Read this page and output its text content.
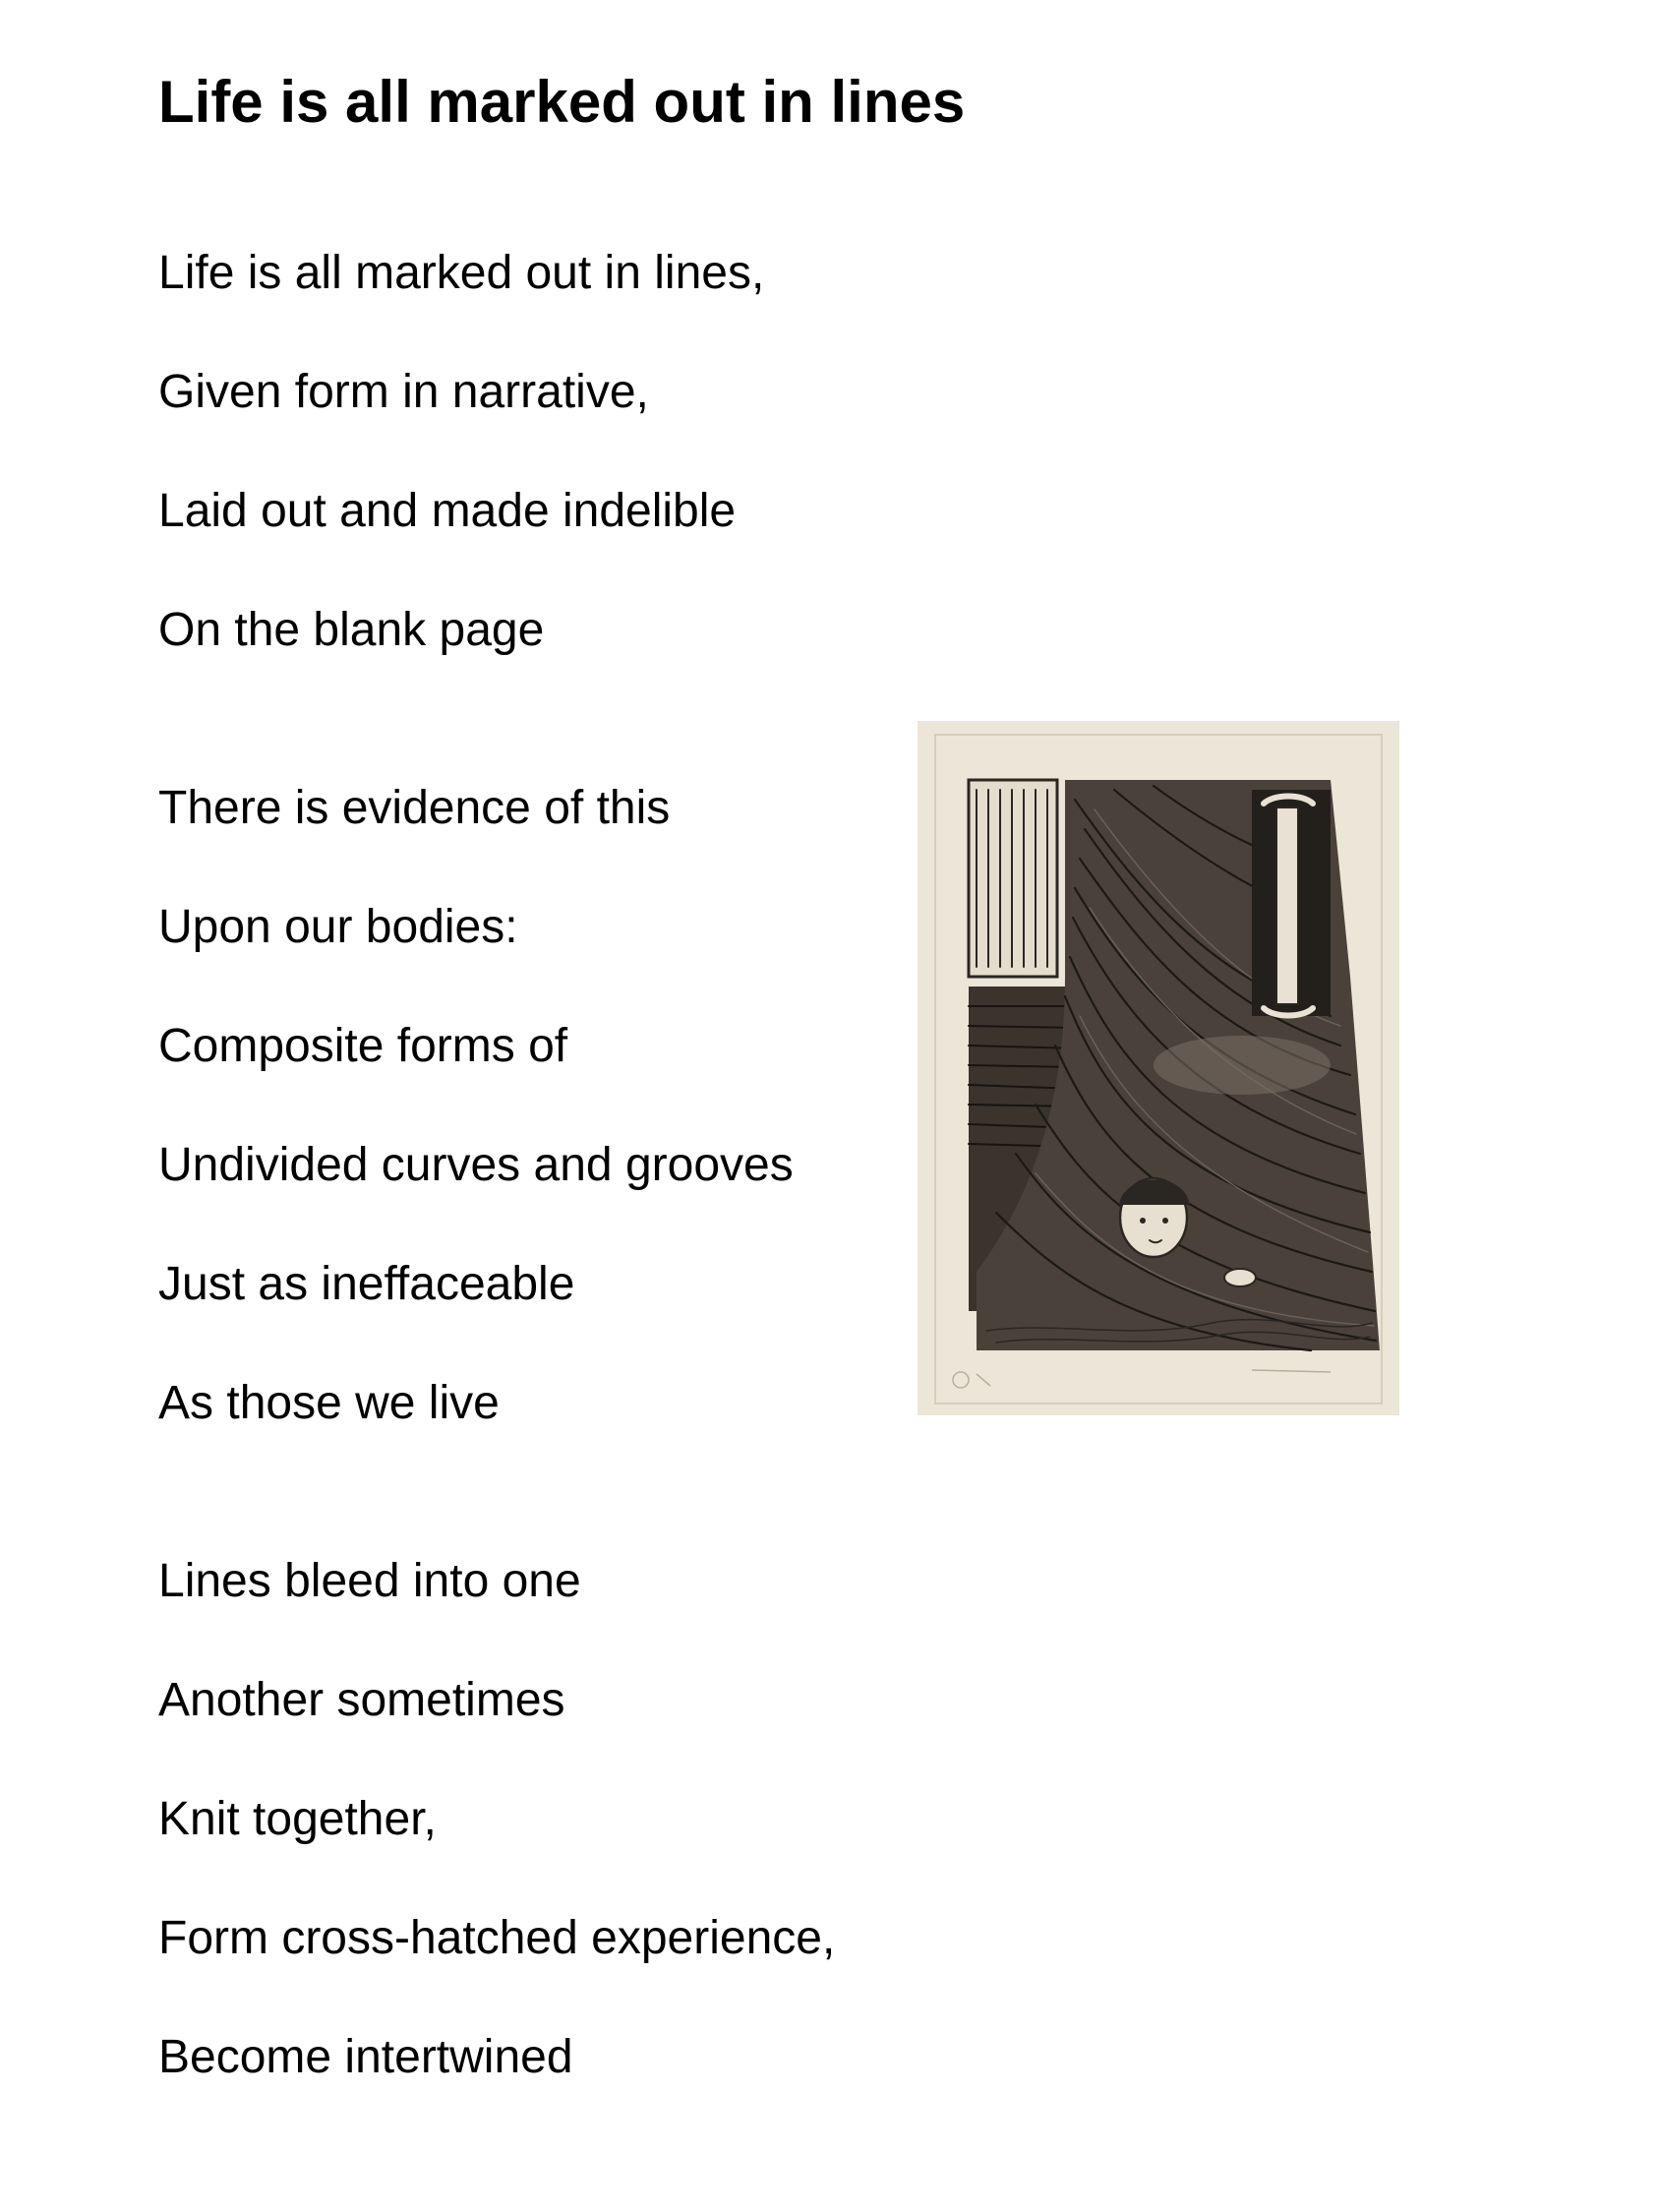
Life is all marked out in lines

Life is all marked out in lines,

Given form in narrative,

Laid out and made indelible

On the blank page

There is evidence of this

Upon our bodies:

Composite forms of

Undivided curves and grooves

Just as ineffaceable

As those we live

Lines bleed into one

Another sometimes

Knit together,

Form cross-hatched experience,

Become intertwined
